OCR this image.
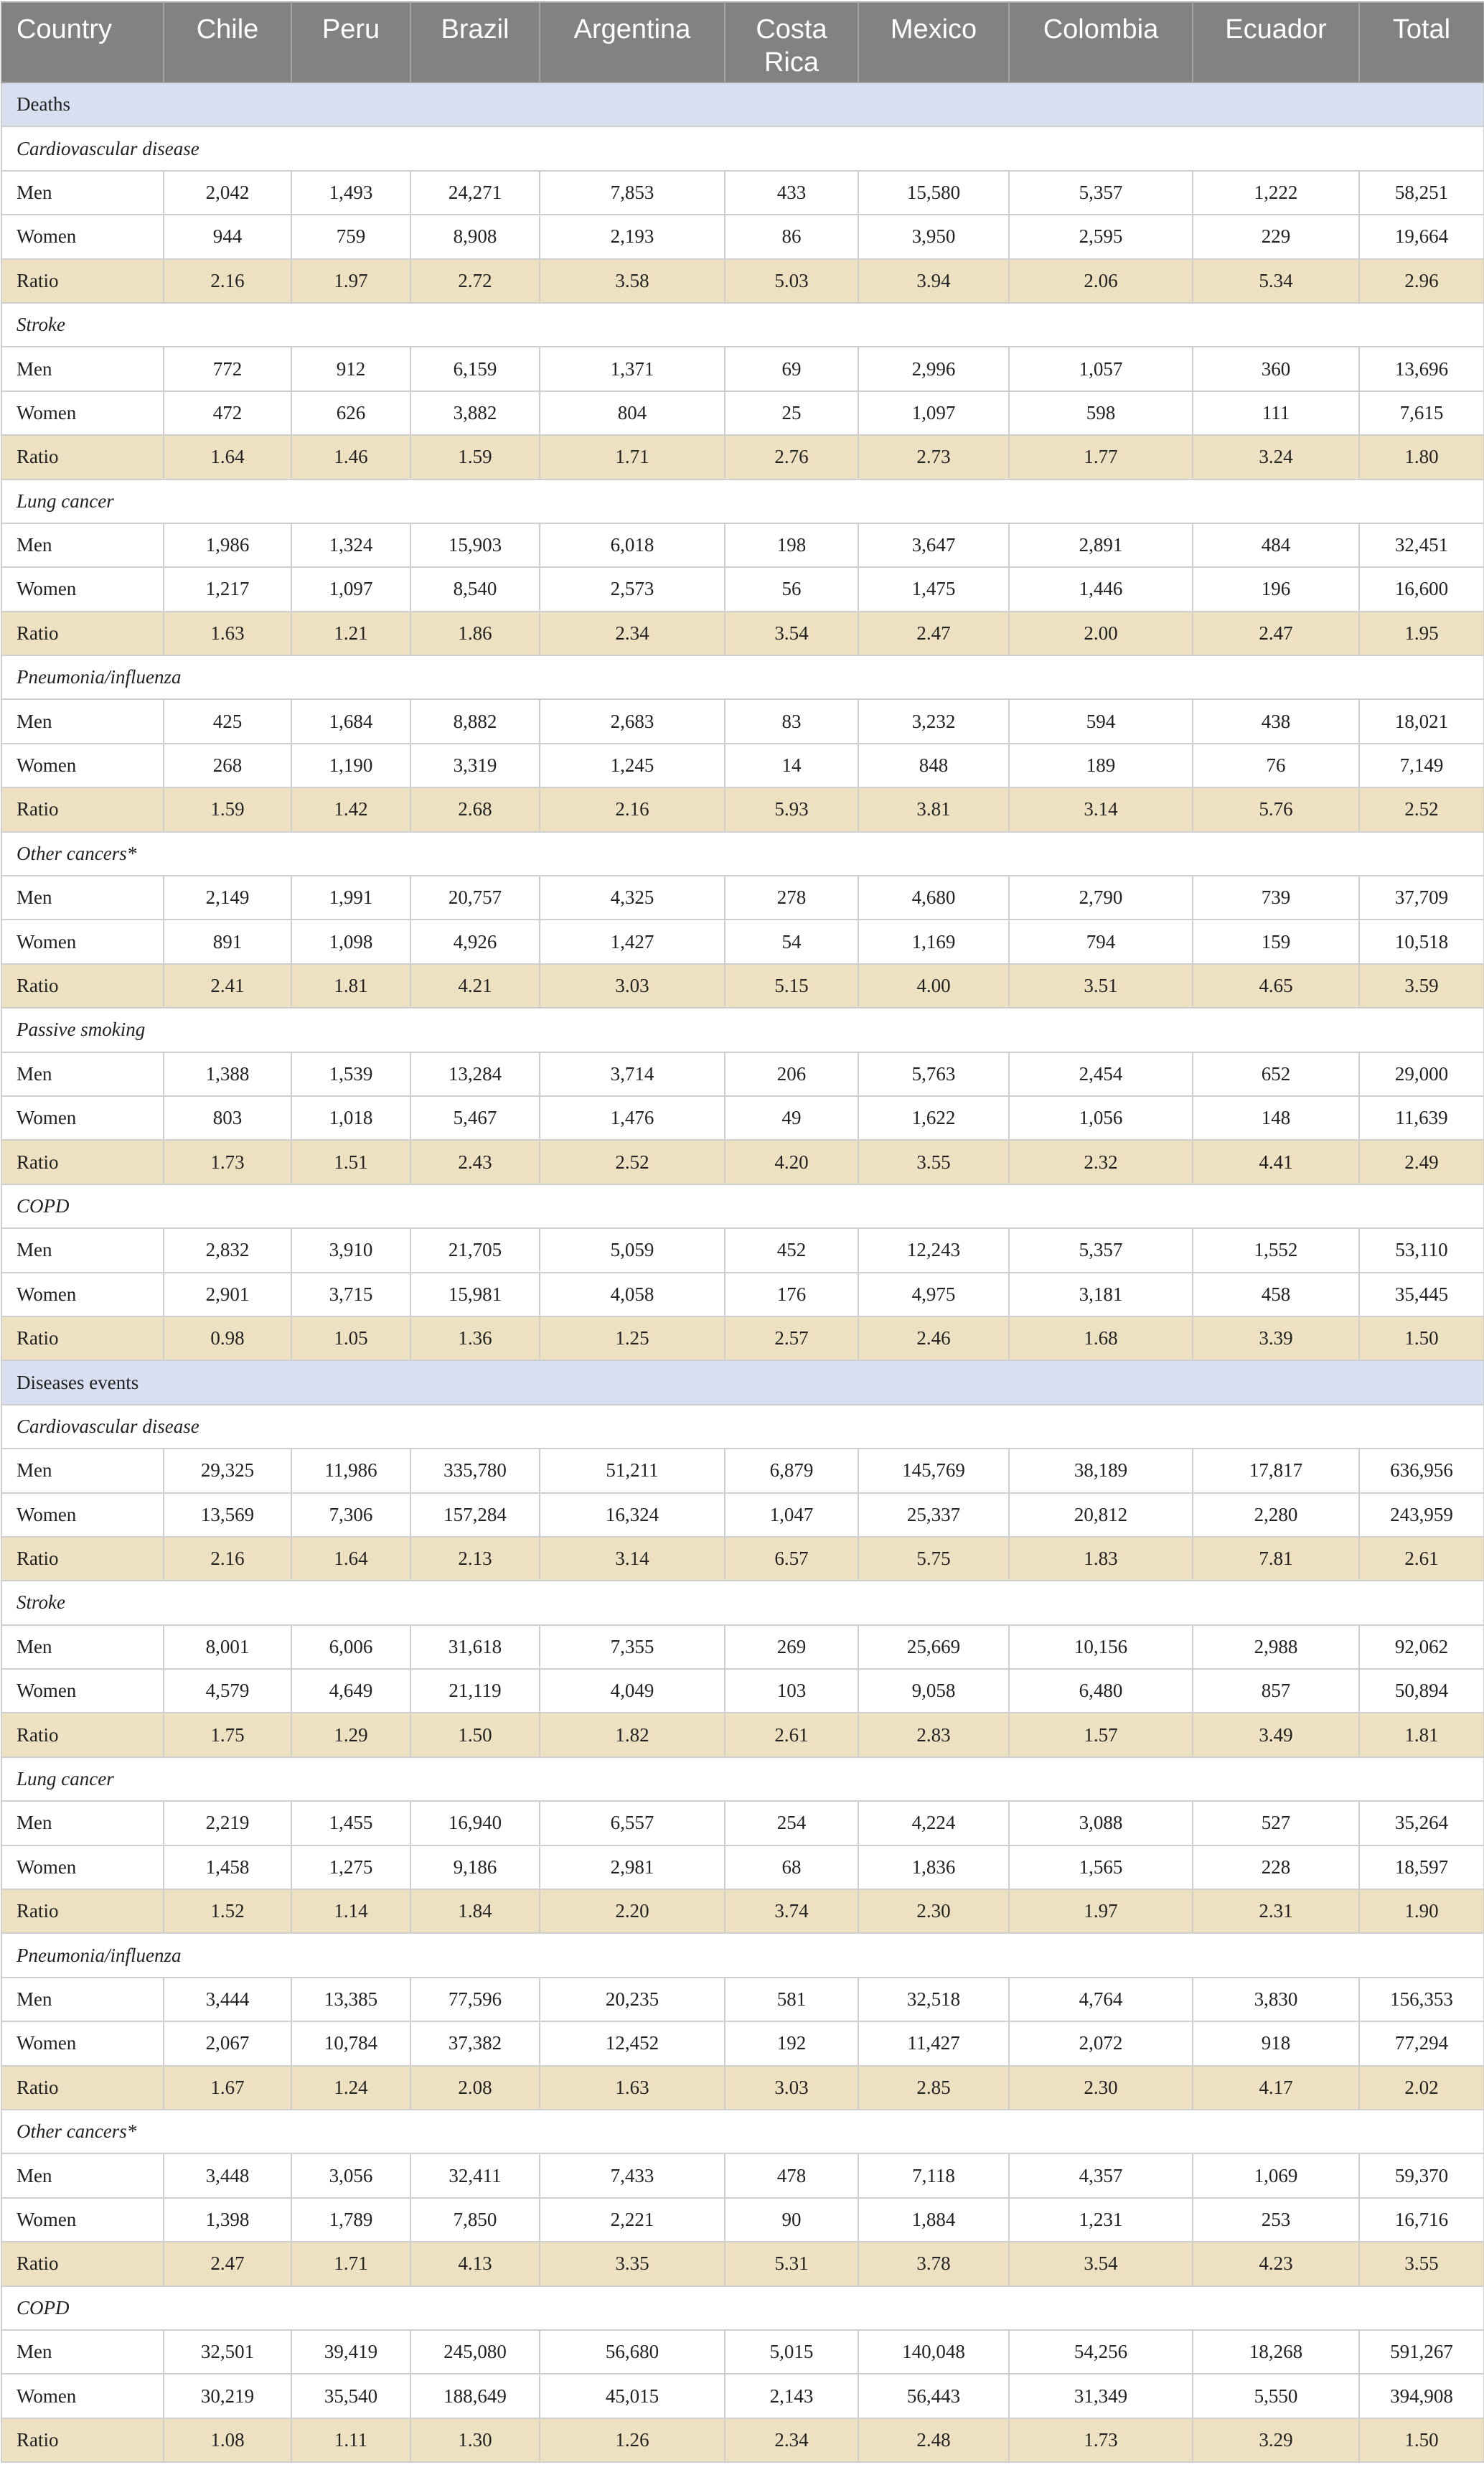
Country	Chile	Peru	Brazil	Argentina	Costa Rica	Mexico	Colombia	Ecuador	Total
Deaths									
Cardiovascular disease									
Men	2,042	1,493	24,271	7,853	433	15,580	5,357	1,222	58,251
Women	944	759	8,908	2,193	86	3,950	2,595	229	19,664
Ratio	2.16	1.97	2.72	3.58	5.03	3.94	2.06	5.34	2.96
Stroke									
Men	772	912	6,159	1,371	69	2,996	1,057	360	13,696
Women	472	626	3,882	804	25	1,097	598	111	7,615
Ratio	1.64	1.46	1.59	1.71	2.76	2.73	1.77	3.24	1.80
Lung cancer									
Men	1,986	1,324	15,903	6,018	198	3,647	2,891	484	32,451
Women	1,217	1,097	8,540	2,573	56	1,475	1,446	196	16,600
Ratio	1.63	1.21	1.86	2.34	3.54	2.47	2.00	2.47	1.95
Pneumonia/influenza									
Men	425	1,684	8,882	2,683	83	3,232	594	438	18,021
Women	268	1,190	3,319	1,245	14	848	189	76	7,149
Ratio	1.59	1.42	2.68	2.16	5.93	3.81	3.14	5.76	2.52
Other cancers*									
Men	2,149	1,991	20,757	4,325	278	4,680	2,790	739	37,709
Women	891	1,098	4,926	1,427	54	1,169	794	159	10,518
Ratio	2.41	1.81	4.21	3.03	5.15	4.00	3.51	4.65	3.59
Passive smoking									
Men	1,388	1,539	13,284	3,714	206	5,763	2,454	652	29,000
Women	803	1,018	5,467	1,476	49	1,622	1,056	148	11,639
Ratio	1.73	1.51	2.43	2.52	4.20	3.55	2.32	4.41	2.49
COPD									
Men	2,832	3,910	21,705	5,059	452	12,243	5,357	1,552	53,110
Women	2,901	3,715	15,981	4,058	176	4,975	3,181	458	35,445
Ratio	0.98	1.05	1.36	1.25	2.57	2.46	1.68	3.39	1.50
Diseases events									
Cardiovascular disease									
Men	29,325	11,986	335,780	51,211	6,879	145,769	38,189	17,817	636,956
Women	13,569	7,306	157,284	16,324	1,047	25,337	20,812	2,280	243,959
Ratio	2.16	1.64	2.13	3.14	6.57	5.75	1.83	7.81	2.61
Stroke									
Men	8,001	6,006	31,618	7,355	269	25,669	10,156	2,988	92,062
Women	4,579	4,649	21,119	4,049	103	9,058	6,480	857	50,894
Ratio	1.75	1.29	1.50	1.82	2.61	2.83	1.57	3.49	1.81
Lung cancer									
Men	2,219	1,455	16,940	6,557	254	4,224	3,088	527	35,264
Women	1,458	1,275	9,186	2,981	68	1,836	1,565	228	18,597
Ratio	1.52	1.14	1.84	2.20	3.74	2.30	1.97	2.31	1.90
Pneumonia/influenza									
Men	3,444	13,385	77,596	20,235	581	32,518	4,764	3,830	156,353
Women	2,067	10,784	37,382	12,452	192	11,427	2,072	918	77,294
Ratio	1.67	1.24	2.08	1.63	3.03	2.85	2.30	4.17	2.02
Other cancers*									
Men	3,448	3,056	32,411	7,433	478	7,118	4,357	1,069	59,370
Women	1,398	1,789	7,850	2,221	90	1,884	1,231	253	16,716
Ratio	2.47	1.71	4.13	3.35	5.31	3.78	3.54	4.23	3.55
COPD									
Men	32,501	39,419	245,080	56,680	5,015	140,048	54,256	18,268	591,267
Women	30,219	35,540	188,649	45,015	2,143	56,443	31,349	5,550	394,908
Ratio	1.08	1.11	1.30	1.26	2.34	2.48	1.73	3.29	1.50
